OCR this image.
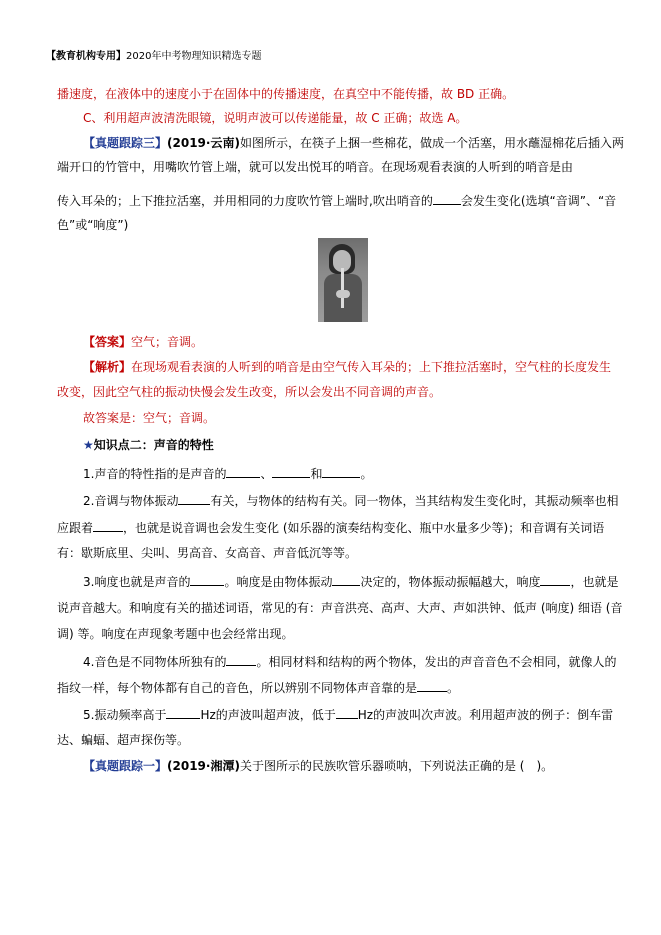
【教育机构专用】2020年中考物理知识精选专题
播速度，在液体中的速度小于在固体中的传播速度，在真空中不能传播，故 BD 正确。
C、利用超声波清洗眼镜，说明声波可以传递能量，故 C 正确；故选 A。
【真题跟踪三】(2019·云南)如图所示，在筷子上捆一些棉花，做成一个活塞，用水蘸湿棉花后插入两
端开口的竹管中，用嘴吹竹管上端，就可以发出悦耳的哨音。在现场观看表演的人听到的哨音是由
传入耳朵的；上下推拉活塞，并用相同的力度吹竹管上端时,吹出哨音的 会发生变化(选填“音调”、“音
色”或“响度”)
【答案】空气；音调。
【解析】在现场观看表演的人听到的哨音是由空气传入耳朵的；上下推拉活塞时，空气柱的长度发生
改变，因此空气柱的振动快慢会发生改变，所以会发出不同音调的声音。
故答案是：空气；音调。
★知识点二：声音的特性
1.声音的特性指的是声音的	、	和	。
2.音调与物体振动	有关，与物体的结构有关。同一物体，当其结构发生变化时，其振动频率也相
应跟着	，也就是说音调也会发生变化 (如乐器的演奏结构变化、瓶中水量多少等)；和音调有关词语
有：歇斯底里、尖叫、男高音、女高音、声音低沉等等。
3.响度也就是声音的	。响度是由物体振动 决定的，物体振动振幅越大，响度	，也就是
说声音越大。和响度有关的描述词语，常见的有：声音洪亮、高声、大声、声如洪钟、低声 (响度) 细语 (音
调) 等。响度在声现象考题中也会经常出现。
4.音色是不同物体所独有的	。相同材料和结构的两个物体，发出的声音音色不会相同，就像人的
指纹一样，每个物体都有自己的音色，所以辨别不同物体声音靠的是	。
5.振动频率高于	Hz的声波叫超声波，低于 Hz的声波叫次声波。利用超声波的例子：倒车雷
达、蝙蝠、超声探伤等。
【真题跟踪一】(2019·湘潭)关于图所示的民族吹管乐器唢呐，下列说法正确的是 (　)。
